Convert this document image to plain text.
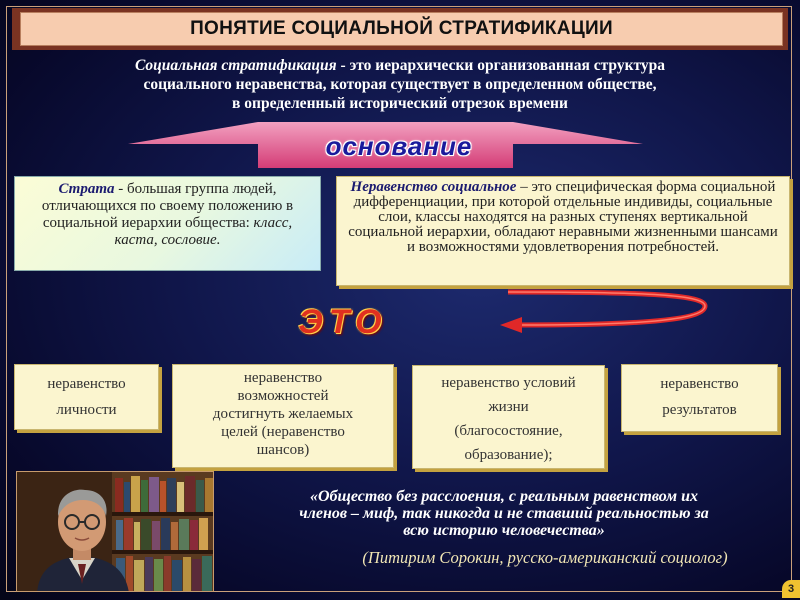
ПОНЯТИЕ СОЦИАЛЬНОЙ СТРАТИФИКАЦИИ
Социальная стратификация - это иерархически организованная структура
социального неравенства, которая существует в определенном обществе,
в определенный исторический отрезок времени
основание
Страта - большая группа людей, отличающихся по своему положению в социальной иерархии общества: класс, каста, сословие.
Неравенство социальное – это специфическая форма социальной дифференциации, при которой отдельные индивиды, социальные слои, классы находятся на разных ступенях вертикальной социальной иерархии, обладают неравными жизненными шансами и возможностями удовлетворения потребностей.
ЭТО
неравенство
личности
неравенство
возможностей
достигнуть желаемых
целей (неравенство
шансов)
неравенство условий
жизни
(благосостояние,
образование);
неравенство
результатов
«Общество без расслоения, с реальным равенством их
членов – миф, так никогда и не ставший реальностью за
всю историю человечества»
(Питирим Сорокин, русско-американский социолог)
3
